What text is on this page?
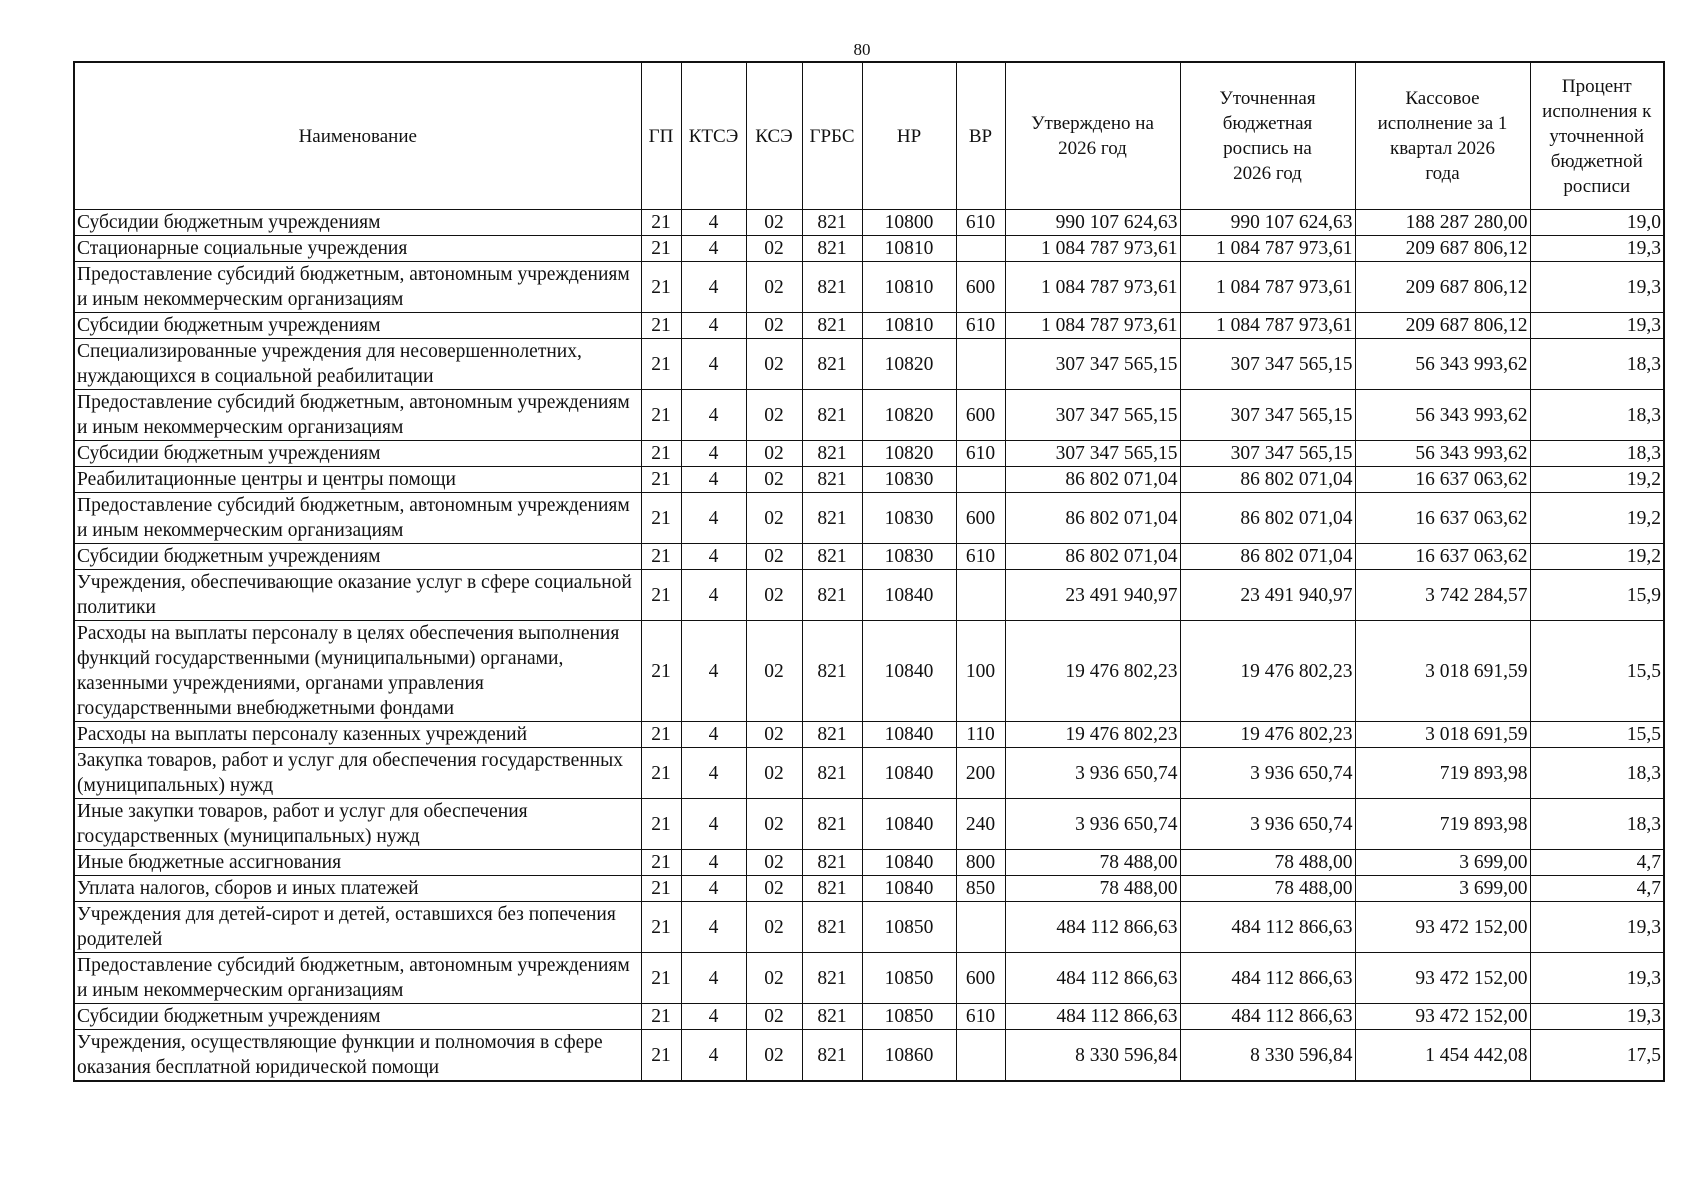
80
Наименование	ГП	КТСЭ	КСЭ	ГРБС	НР	ВР	Утверждено на 2026 год	Уточненная бюджетная роспись на 2026 год	Кассовое исполнение за 1 квартал 2026 года	Процент исполнения к уточненной бюджетной росписи
Субсидии бюджетным учреждениям	21	4	02	821	10800	610	990 107 624,63	990 107 624,63	188 287 280,00	19,0
Стационарные социальные учреждения	21	4	02	821	10810		1 084 787 973,61	1 084 787 973,61	209 687 806,12	19,3
Предоставление субсидий бюджетным, автономным учреждениям и иным некоммерческим организациям	21	4	02	821	10810	600	1 084 787 973,61	1 084 787 973,61	209 687 806,12	19,3
Субсидии бюджетным учреждениям	21	4	02	821	10810	610	1 084 787 973,61	1 084 787 973,61	209 687 806,12	19,3
Специализированные учреждения для несовершеннолетних, нуждающихся в социальной реабилитации	21	4	02	821	10820		307 347 565,15	307 347 565,15	56 343 993,62	18,3
Предоставление субсидий бюджетным, автономным учреждениям и иным некоммерческим организациям	21	4	02	821	10820	600	307 347 565,15	307 347 565,15	56 343 993,62	18,3
Субсидии бюджетным учреждениям	21	4	02	821	10820	610	307 347 565,15	307 347 565,15	56 343 993,62	18,3
Реабилитационные центры и центры помощи	21	4	02	821	10830		86 802 071,04	86 802 071,04	16 637 063,62	19,2
Предоставление субсидий бюджетным, автономным учреждениям и иным некоммерческим организациям	21	4	02	821	10830	600	86 802 071,04	86 802 071,04	16 637 063,62	19,2
Субсидии бюджетным учреждениям	21	4	02	821	10830	610	86 802 071,04	86 802 071,04	16 637 063,62	19,2
Учреждения, обеспечивающие оказание услуг в сфере социальной политики	21	4	02	821	10840		23 491 940,97	23 491 940,97	3 742 284,57	15,9
Расходы на выплаты персоналу в целях обеспечения выполнения функций государственными (муниципальными) органами, казенными учреждениями, органами управления государственными внебюджетными фондами	21	4	02	821	10840	100	19 476 802,23	19 476 802,23	3 018 691,59	15,5
Расходы на выплаты персоналу казенных учреждений	21	4	02	821	10840	110	19 476 802,23	19 476 802,23	3 018 691,59	15,5
Закупка товаров, работ и услуг для обеспечения государственных (муниципальных) нужд	21	4	02	821	10840	200	3 936 650,74	3 936 650,74	719 893,98	18,3
Иные закупки товаров, работ и услуг для обеспечения государственных (муниципальных) нужд	21	4	02	821	10840	240	3 936 650,74	3 936 650,74	719 893,98	18,3
Иные бюджетные ассигнования	21	4	02	821	10840	800	78 488,00	78 488,00	3 699,00	4,7
Уплата налогов, сборов и иных платежей	21	4	02	821	10840	850	78 488,00	78 488,00	3 699,00	4,7
Учреждения для детей-сирот и детей, оставшихся без попечения родителей	21	4	02	821	10850		484 112 866,63	484 112 866,63	93 472 152,00	19,3
Предоставление субсидий бюджетным, автономным учреждениям и иным некоммерческим организациям	21	4	02	821	10850	600	484 112 866,63	484 112 866,63	93 472 152,00	19,3
Субсидии бюджетным учреждениям	21	4	02	821	10850	610	484 112 866,63	484 112 866,63	93 472 152,00	19,3
Учреждения, осуществляющие функции и полномочия в сфере оказания бесплатной юридической помощи	21	4	02	821	10860		8 330 596,84	8 330 596,84	1 454 442,08	17,5
